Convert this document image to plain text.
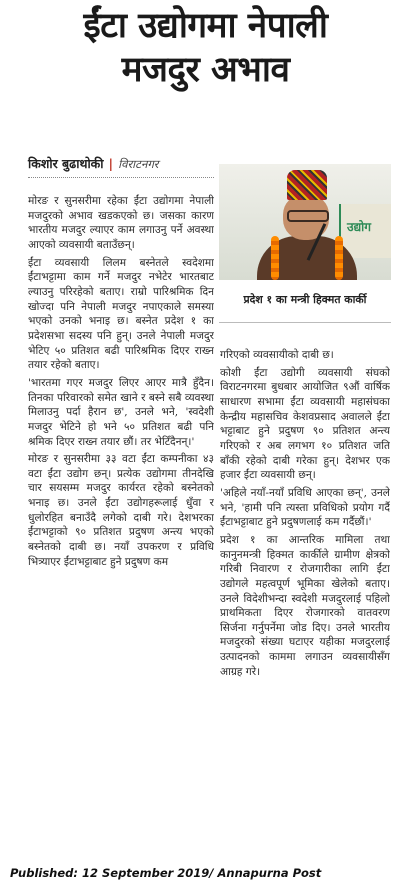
ईंटा उद्योगमा नेपाली
मजदुर अभाव
किशोर बुढाथोकी | विराटनगर

मोरङ र सुनसरीमा रहेका ईंटा उद्योगमा नेपाली मजदुरको अभाव खडकएको छ। जसका कारण भारतीय मजदुर ल्याएर काम लगाउनु पर्ने अवस्था आएको व्यवसायी बताउँछन्।

ईंटा व्यवसायी लिलम बस्नेतले स्वदेशमा ईंटाभट्टामा काम गर्ने मजदुर नभेटेर भारतबाट ल्याउनु परिरहेको बताए। राम्रो पारिश्रमिक दिन खोज्दा पनि नेपाली मजदुर नपाएकाले समस्या भएको उनको भनाइ छ। बस्नेत प्रदेश १ का प्रदेशसभा सदस्य पनि हुन्। उनले नेपाली मजदुर भेटिए ५० प्रतिशत बढी पारिश्रमिक दिएर राख्न तयार रहेको बताए।

'भारतमा गएर मजदुर लिएर आएर मात्रै हुँदैन। तिनका परिवारको समेत खाने र बस्ने सबै व्यवस्था मिलाउनु पर्दा हैरान छ', उनले भने, 'स्वदेशी मजदुर भेटिने हो भने ५० प्रतिशत बढी पनि श्रमिक दिएर राख्न तयार छौं। तर भेटिँदैनन्।'

मोरङ र सुनसरीमा ३३ वटा ईंटा कम्पनीका ४३ वटा ईंटा उद्योग छन्। प्रत्येक उद्योगमा तीनदेखि चार सयसम्म मजदुर कार्यरत रहेको बस्नेतको भनाइ छ। उनले ईंटा उद्योगहरूलाई धुँवा र धुलोरहित बनाउँदै लगेको दाबी गरे। देशभरका ईंटाभट्टाको ९० प्रतिशत प्रदुषण अन्त्य भएको बस्नेतको दाबी छ। नयाँ उपकरण र प्रविधि भित्र्याएर ईंटाभट्टाबाट हुने प्रदुषण कम

उद्योग
प्रदेश १ का मन्त्री हिक्मत कार्की

गरिएको व्यवसायीको दाबी छ।

कोशी ईंटा उद्योगी व्यवसायी संघको विराटनगरमा बुधबार आयोजित ९औं वार्षिक साधारण सभामा ईंटा व्यवसायी महासंघका केन्द्रीय महासचिव केशवप्रसाद अवालले ईंटा भट्टाबाट हुने प्रदुषण ९० प्रतिशत अन्त्य गरिएको र अब लगभग १० प्रतिशत जति बाँकी रहेको दाबी गरेका हुन्। देशभर एक हजार ईंटा व्यवसायी छन्।

'अहिले नयाँ-नयाँ प्रविधि आएका छन्', उनले भने, 'हामी पनि त्यस्ता प्रविधिको प्रयोग गर्दै ईंटाभट्टाबाट हुने प्रदुषणलाई कम गर्दैछौं।'

प्रदेश १ का आन्तरिक मामिला तथा कानुनमन्त्री हिक्मत कार्कीले ग्रामीण क्षेत्रको गरिबी निवारण र रोजगारीका लागि ईंटा उद्योगले महत्वपूर्ण भूमिका खेलेको बताए। उनले विदेशीभन्दा स्वदेशी मजदुरलाई पहिलो प्राथमिकता दिएर रोजगारको वातवरण सिर्जना गर्नुपर्नेमा जोड दिए। उनले भारतीय मजदुरको संख्या घटाएर यहीका मजदुरलाई उत्पादनको काममा लगाउन व्यवसायीसँग आग्रह गरे।

Published: 12 September 2019/ Annapurna Post
